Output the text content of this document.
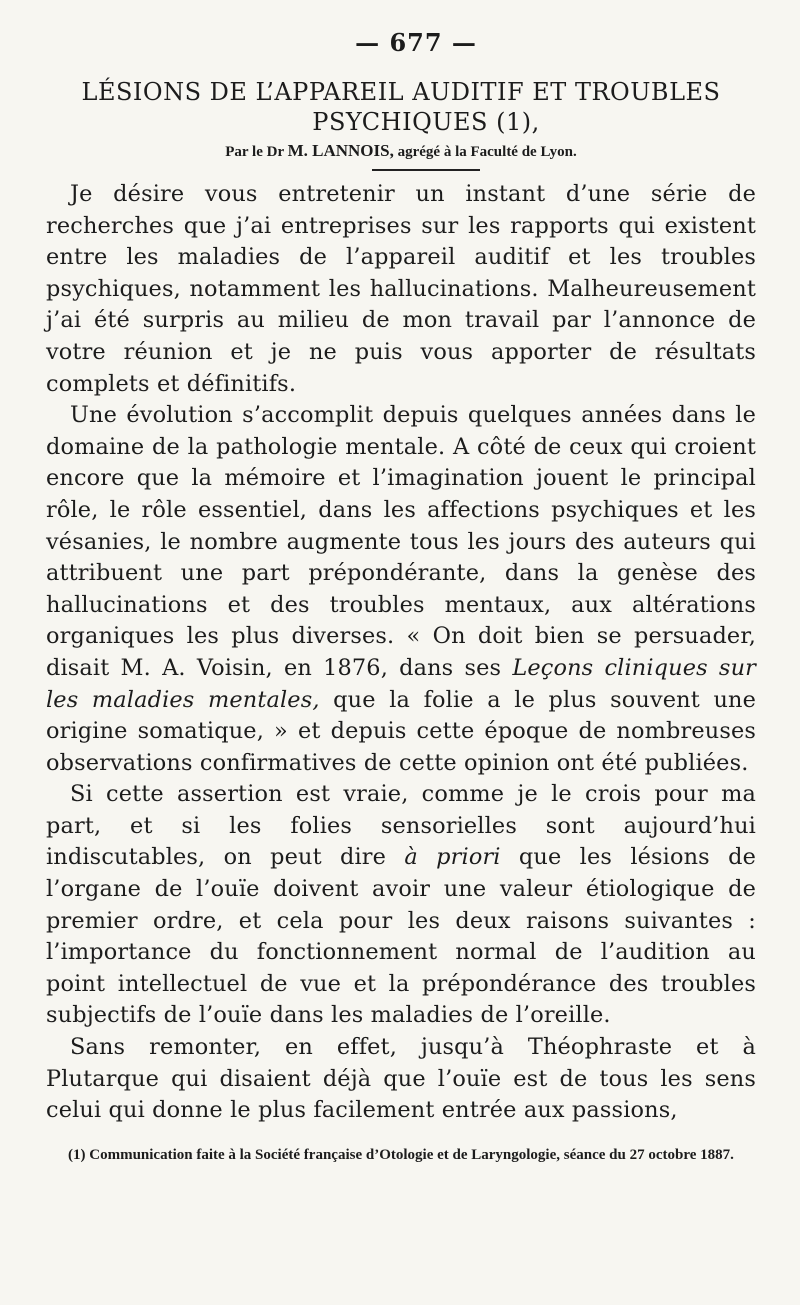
— 677 —
LÉSIONS DE L’APPAREIL AUDITIF ET TROUBLES
PSYCHIQUES (1),
Par le Dr M. LANNOIS, agrégé à la Faculté de Lyon.

Je désire vous entretenir un instant d’une série de recherches que j’ai entreprises sur les rapports qui existent entre les maladies de l’appareil auditif et les troubles psychiques, notamment les hallucinations. Malheureusement j’ai été surpris au milieu de mon travail par l’annonce de votre réunion et je ne puis vous apporter de résultats complets et définitifs.

Une évolution s’accomplit depuis quelques années dans le domaine de la pathologie mentale. A côté de ceux qui croient encore que la mémoire et l’imagination jouent le principal rôle, le rôle essentiel, dans les affections psychiques et les vésanies, le nombre augmente tous les jours des auteurs qui attribuent une part prépondérante, dans la genèse des hallucinations et des troubles mentaux, aux altérations organiques les plus diverses. « On doit bien se persuader, disait M. A. Voisin, en 1876, dans ses Leçons cliniques sur les maladies mentales, que la folie a le plus souvent une origine somatique, » et depuis cette époque de nombreuses observations confirmatives de cette opinion ont été publiées.

Si cette assertion est vraie, comme je le crois pour ma part, et si les folies sensorielles sont aujourd’hui indiscutables, on peut dire à priori que les lésions de l’organe de l’ouïe doivent avoir une valeur étiologique de premier ordre, et cela pour les deux raisons suivantes : l’importance du fonctionnement normal de l’audition au point intellectuel de vue et la prépondérance des troubles subjectifs de l’ouïe dans les maladies de l’oreille.

Sans remonter, en effet, jusqu’à Théophraste et à Plutarque qui disaient déjà que l’ouïe est de tous les sens celui qui donne le plus facilement entrée aux passions,

(1) Communication faite à la Société française d’Otologie et de Laryngologie, séance du 27 octobre 1887.
